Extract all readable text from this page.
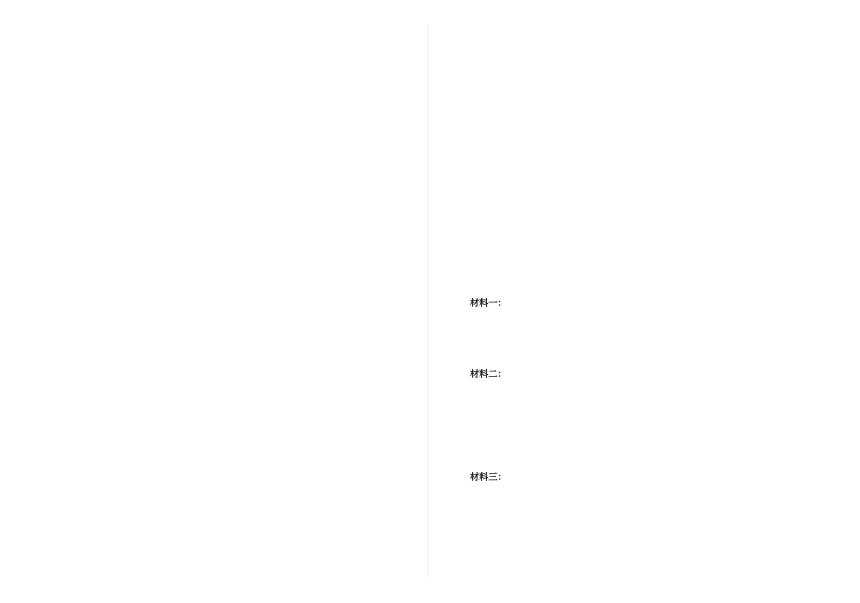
材料一：

材料二：

材料三：
